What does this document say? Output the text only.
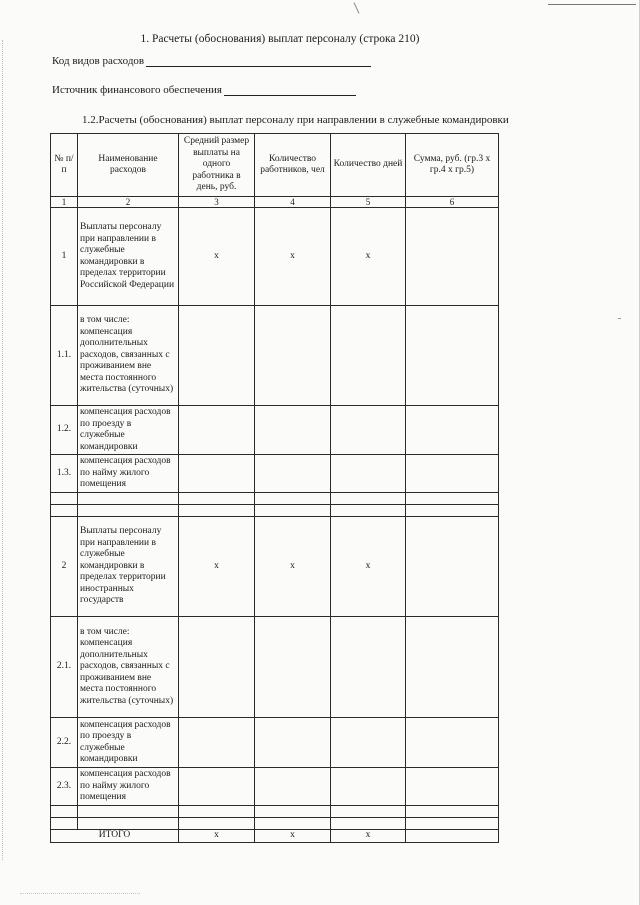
1. Расчеты (обоснования) выплат персоналу (строка 210)
Код видов расходов
Источник финансового обеспечения
1.2.Расчеты (обоснования) выплат персоналу при направлении в служебные командировки
№ п/п	Наименование расходов	Средний размер выплаты на одного работника в день, руб.	Количество работников, чел	Количество дней	Сумма, руб. (гр.3 х гр.4 х гр.5)
1	2	3	4	5	6
1	Выплаты персоналу при направлении в служебные командировки в пределах территории Российской Федерации	x	x	x	
1.1.	в том числе: компенсация дополнительных расходов, связанных с проживанием вне места постоянного жительства (суточных)				
1.2.	компенсация расходов по проезду в служебные командировки				
1.3.	компенсация расходов по найму жилого помещения				

2	Выплаты персоналу при направлении в служебные командировки в пределах территории иностранных государств	x	x	x	
2.1.	в том числе: компенсация дополнительных расходов, связанных с проживанием вне места постоянного жительства (суточных)				
2.2.	компенсация расходов по проезду в служебные командировки				
2.3.	компенсация расходов по найму жилого помещения				

ИТОГО		x	x	x	
